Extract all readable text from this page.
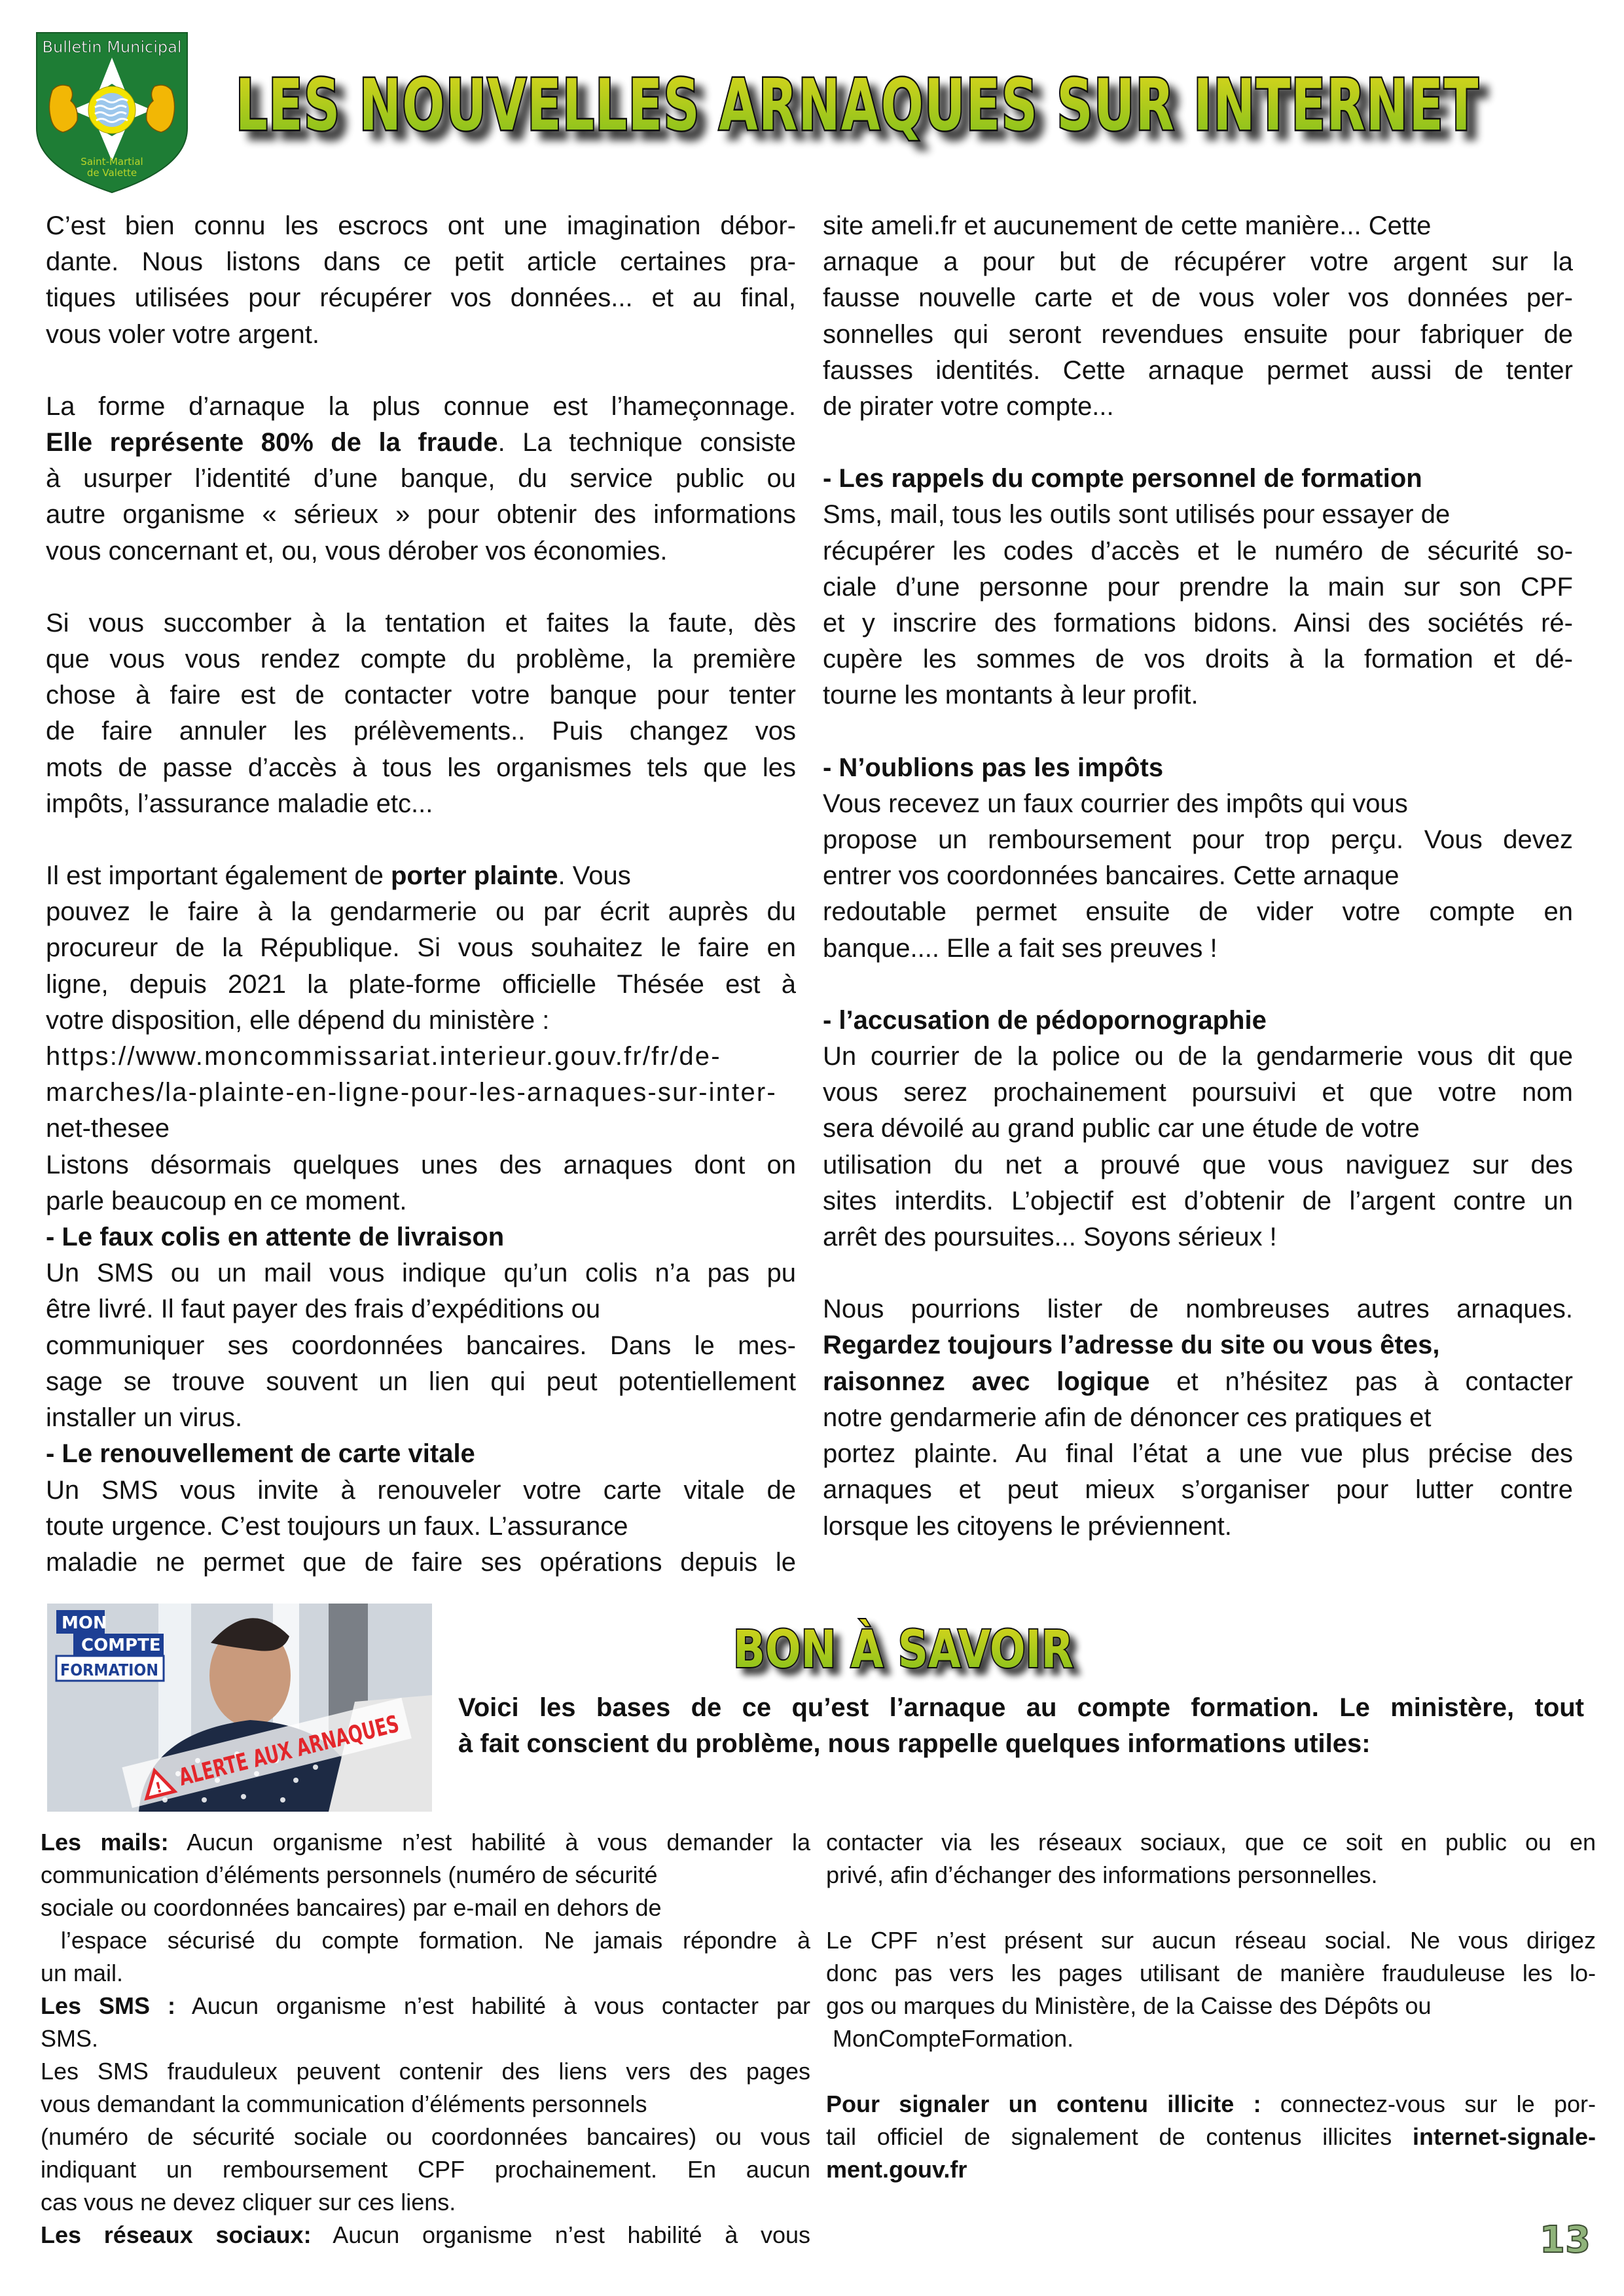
Bulletin Municipal
Saint-Martial
de Valette
LES NOUVELLES ARNAQUES SUR INTERNET

C’est bien connu les escrocs ont une imagination débor-
dante. Nous listons dans ce petit article certaines pra-
tiques utilisées pour récupérer vos données... et au final,
vous voler votre argent.

La forme d’arnaque la plus connue est l’hameçonnage.
Elle représente 80% de la fraude. La technique consiste
à usurper l’identité d’une banque, du service public ou
autre organisme « sérieux » pour obtenir des informations
vous concernant et, ou, vous dérober vos économies.

Si vous succomber à la tentation et faites la faute, dès
que vous vous rendez compte du problème, la première
chose à faire est de contacter votre banque pour tenter
de faire annuler les prélèvements.. Puis changez vos
mots de passe d’accès à tous les organismes tels que les
impôts, l’assurance maladie etc...

Il est important également de porter plainte. Vous
pouvez le faire à la gendarmerie ou par écrit auprès du
procureur de la République. Si vous souhaitez le faire en
ligne, depuis 2021 la plate-forme officielle Thésée est à
votre disposition, elle dépend du ministère :
https://www.moncommissariat.interieur.gouv.fr/fr/de-
marches/la-plainte-en-ligne-pour-les-arnaques-sur-inter-
net-thesee
Listons désormais quelques unes des arnaques dont on
parle beaucoup en ce moment.

- Le faux colis en attente de livraison
Un SMS ou un mail vous indique qu’un colis n’a pas pu
être livré. Il faut payer des frais d’expéditions ou
communiquer ses coordonnées bancaires. Dans le mes-
sage se trouve souvent un lien qui peut potentiellement
installer un virus.

- Le renouvellement de carte vitale
Un SMS vous invite à renouveler votre carte vitale de
toute urgence. C’est toujours un faux. L’assurance
maladie ne permet que de faire ses opérations depuis le

site ameli.fr et aucunement de cette manière... Cette
arnaque a pour but de récupérer votre argent sur la
fausse nouvelle carte et de vous voler vos données per-
sonnelles qui seront revendues ensuite pour fabriquer de
fausses identités. Cette arnaque permet aussi de tenter
de pirater votre compte...

- Les rappels du compte personnel de formation
Sms, mail, tous les outils sont utilisés pour essayer de
récupérer les codes d’accès et le numéro de sécurité so-
ciale d’une personne pour prendre la main sur son CPF
et y inscrire des formations bidons. Ainsi des sociétés ré-
cupère les sommes de vos droits à la formation et dé-
tourne les montants à leur profit.

- N’oublions pas les impôts
Vous recevez un faux courrier des impôts qui vous
propose un remboursement pour trop perçu. Vous devez
entrer vos coordonnées bancaires. Cette arnaque
redoutable permet ensuite de vider votre compte en
banque.... Elle a fait ses preuves !

- l’accusation de pédopornographie
Un courrier de la police ou de la gendarmerie vous dit que
vous serez prochainement poursuivi et que votre nom
sera dévoilé au grand public car une étude de votre
utilisation du net a prouvé que vous naviguez sur des
sites interdits. L’objectif est d’obtenir de l’argent contre un
arrêt des poursuites... Soyons sérieux !

Nous pourrions lister de nombreuses autres arnaques.
Regardez toujours l’adresse du site ou vous êtes,
raisonnez avec logique et n’hésitez pas à contacter
notre gendarmerie afin de dénoncer ces pratiques et
portez plainte. Au final l’état a une vue plus précise des
arnaques et peut mieux s’organiser pour lutter contre
lorsque les citoyens le préviennent.

! ALERTE AUX ARNAQUES
MON
COMPTE
FORMATION	BON À SAVOIR
Voici les bases de ce qu’est l’arnaque au compte formation. Le ministère, tout
à fait conscient du problème, nous rappelle quelques informations utiles:
Les mails: Aucun organisme n’est habilité à vous demander la
communication d’éléments personnels (numéro de sécurité
sociale ou coordonnées bancaires) par e-mail en dehors de
l’espace sécurisé du compte formation. Ne jamais répondre à
un mail.
Les SMS : Aucun organisme n’est habilité à vous contacter par
SMS.
Les SMS frauduleux peuvent contenir des liens vers des pages
vous demandant la communication d’éléments personnels
(numéro de sécurité sociale ou coordonnées bancaires) ou vous
indiquant un remboursement CPF prochainement. En aucun
cas vous ne devez cliquer sur ces liens.
Les réseaux sociaux: Aucun organisme n’est habilité à vous
contacter via les réseaux sociaux, que ce soit en public ou en
privé, afin d’échanger des informations personnelles.
Le CPF n’est présent sur aucun réseau social. Ne vous dirigez
donc pas vers les pages utilisant de manière frauduleuse les lo-
gos ou marques du Ministère, de la Caisse des Dépôts ou
MonCompteFormation.
Pour signaler un contenu illicite : connectez-vous sur le por-
tail officiel de signalement de contenus illicites internet-signale-
ment.gouv.fr
13
